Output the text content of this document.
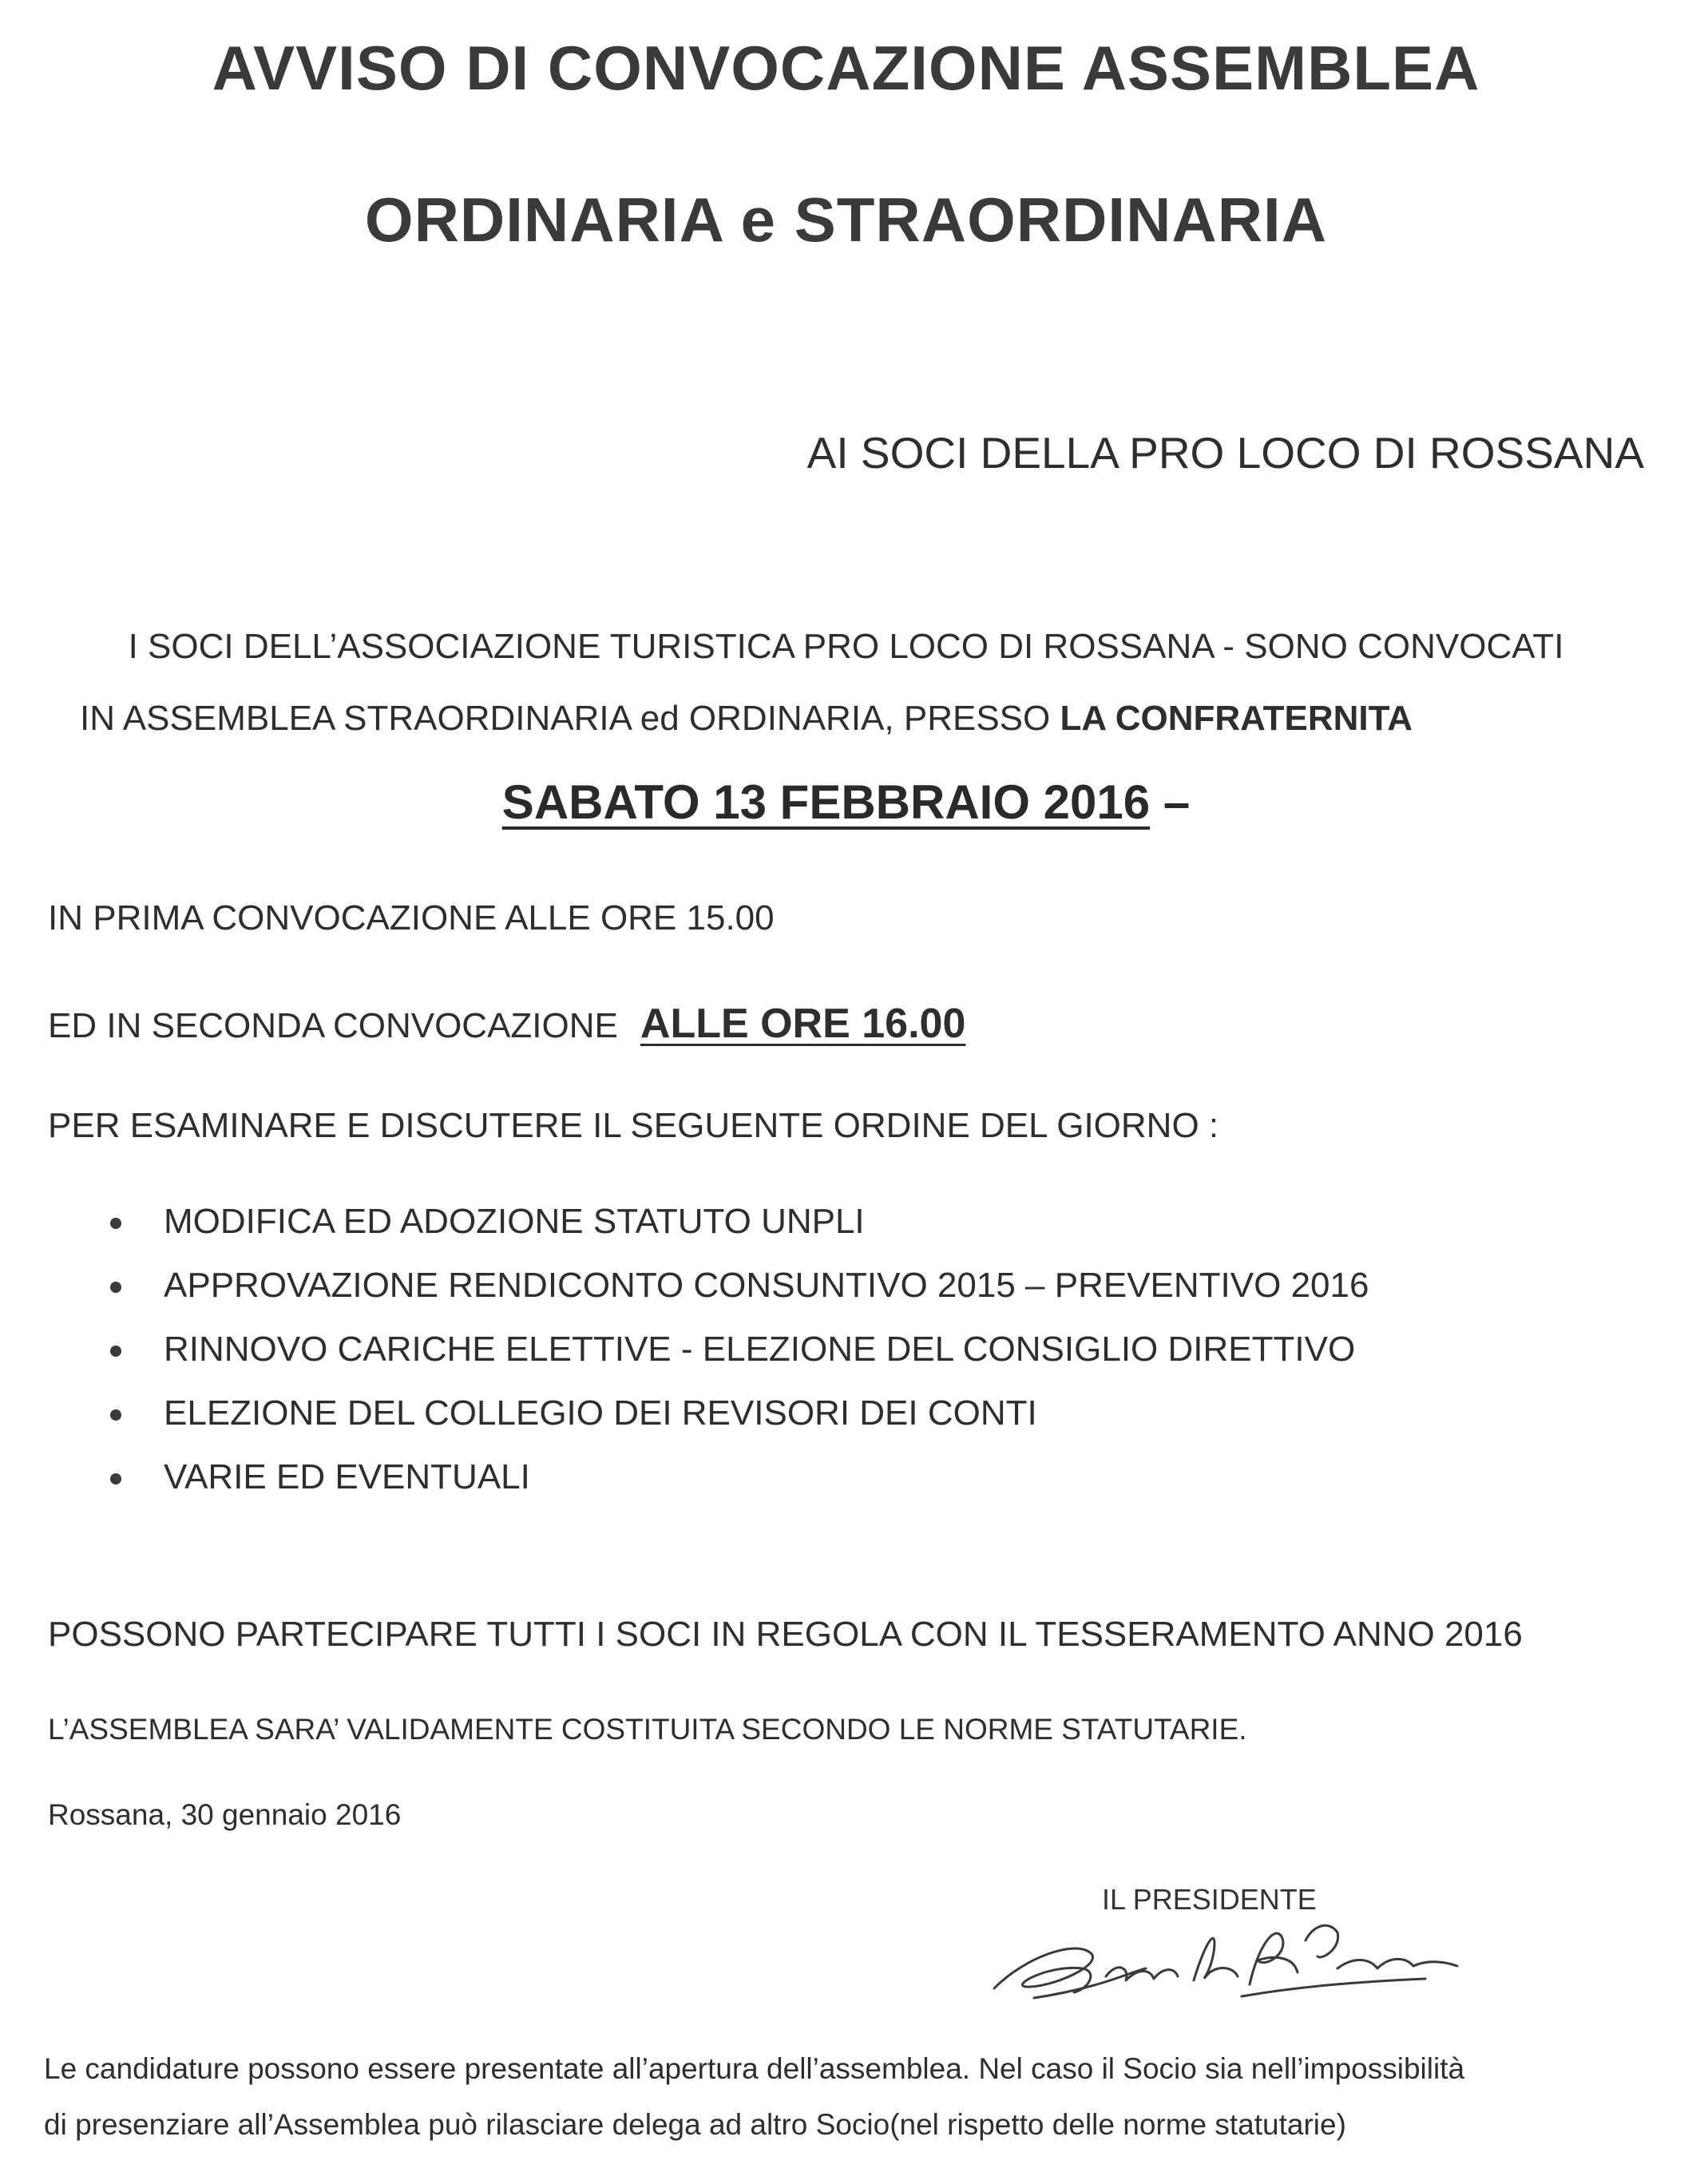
AVVISO DI CONVOCAZIONE ASSEMBLEA
ORDINARIA e STRAORDINARIA
AI SOCI DELLA PRO LOCO DI ROSSANA
I SOCI DELL’ASSOCIAZIONE TURISTICA PRO LOCO DI ROSSANA - SONO CONVOCATI
IN ASSEMBLEA STRAORDINARIA ed ORDINARIA, PRESSO LA CONFRATERNITA
SABATO 13 FEBBRAIO 2016 –
IN PRIMA CONVOCAZIONE ALLE ORE 15.00
ED IN SECONDA CONVOCAZIONE ALLE ORE 16.00
PER ESAMINARE E DISCUTERE IL SEGUENTE ORDINE DEL GIORNO :
MODIFICA ED ADOZIONE STATUTO UNPLI
APPROVAZIONE RENDICONTO CONSUNTIVO 2015 – PREVENTIVO 2016
RINNOVO CARICHE ELETTIVE - ELEZIONE DEL CONSIGLIO DIRETTIVO
ELEZIONE DEL COLLEGIO DEI REVISORI DEI CONTI
VARIE ED EVENTUALI
POSSONO PARTECIPARE TUTTI I SOCI IN REGOLA CON IL TESSERAMENTO ANNO 2016
L’ASSEMBLEA SARA’ VALIDAMENTE COSTITUITA SECONDO LE NORME STATUTARIE.
Rossana, 30 gennaio 2016
IL PRESIDENTE
Le candidature possono essere presentate all’apertura dell’assemblea. Nel caso il Socio sia nell’impossibilità
di presenziare all’Assemblea può rilasciare delega ad altro Socio(nel rispetto delle norme statutarie)
